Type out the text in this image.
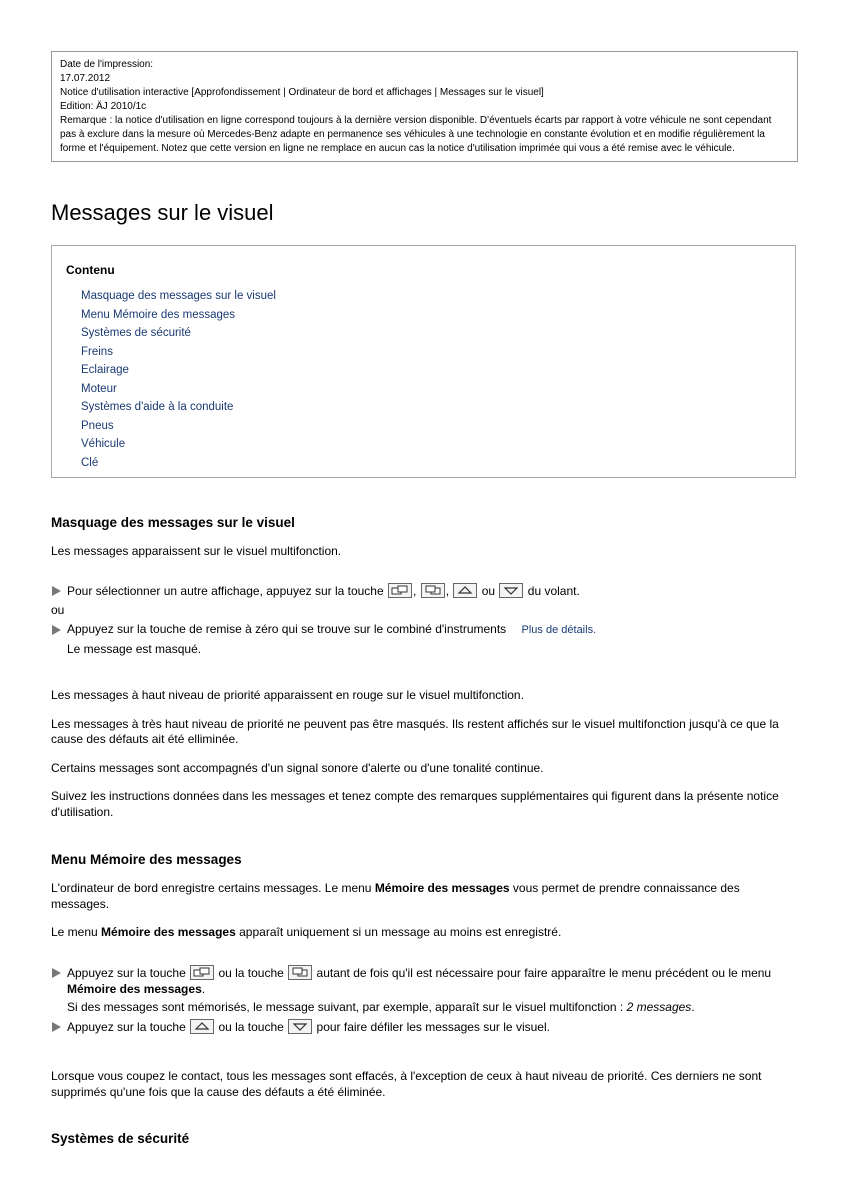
Date de l'impression:
17.07.2012
Notice d'utilisation interactive [Approfondissement | Ordinateur de bord et affichages | Messages sur le visuel]
Edition: ÄJ 2010/1c
Remarque : la notice d'utilisation en ligne correspond toujours à la dernière version disponible. D'éventuels écarts par rapport à votre véhicule ne sont cependant pas à exclure dans la mesure où Mercedes-Benz adapte en permanence ses véhicules à une technologie en constante évolution et en modifie régulièrement la forme et l'équipement. Notez que cette version en ligne ne remplace en aucun cas la notice d'utilisation imprimée qui vous a été remise avec le véhicule.
Messages sur le visuel
Contenu
Masquage des messages sur le visuel
Menu Mémoire des messages
Systèmes de sécurité
Freins
Eclairage
Moteur
Systèmes d'aide à la conduite
Pneus
Véhicule
Clé
Masquage des messages sur le visuel

Les messages apparaissent sur le visuel multifonction.

Pour sélectionner un autre affichage, appuyez sur la touche , ,	ou	du volant.

ou

Appuyez sur la touche de remise à zéro qui se trouve sur le combiné d'instruments Plus de détails.
Le message est masqué.

Les messages à haut niveau de priorité apparaissent en rouge sur le visuel multifonction.

Les messages à très haut niveau de priorité ne peuvent pas être masqués. Ils restent affichés sur le visuel multifonction jusqu'à ce que la cause des défauts ait été elliminée.

Certains messages sont accompagnés d'un signal sonore d'alerte ou d'une tonalité continue.

Suivez les instructions données dans les messages et tenez compte des remarques supplémentaires qui figurent dans la présente notice d'utilisation.

Menu Mémoire des messages

L'ordinateur de bord enregistre certains messages. Le menu Mémoire des messages vous permet de prendre connaissance des messages.

Le menu Mémoire des messages apparaît uniquement si un message au moins est enregistré.

Appuyez sur la touche	ou la touche	autant de fois qu'il est nécessaire pour faire apparaître le menu précédent ou le menu Mémoire des messages.
Si des messages sont mémorisés, le message suivant, par exemple, apparaît sur le visuel multifonction : 2 messages.
Appuyez sur la touche	ou la touche	pour faire défiler les messages sur le visuel.

Lorsque vous coupez le contact, tous les messages sont effacés, à l'exception de ceux à haut niveau de priorité. Ces derniers ne sont supprimés qu'une fois que la cause des défauts a été éliminée.

Systèmes de sécurité
